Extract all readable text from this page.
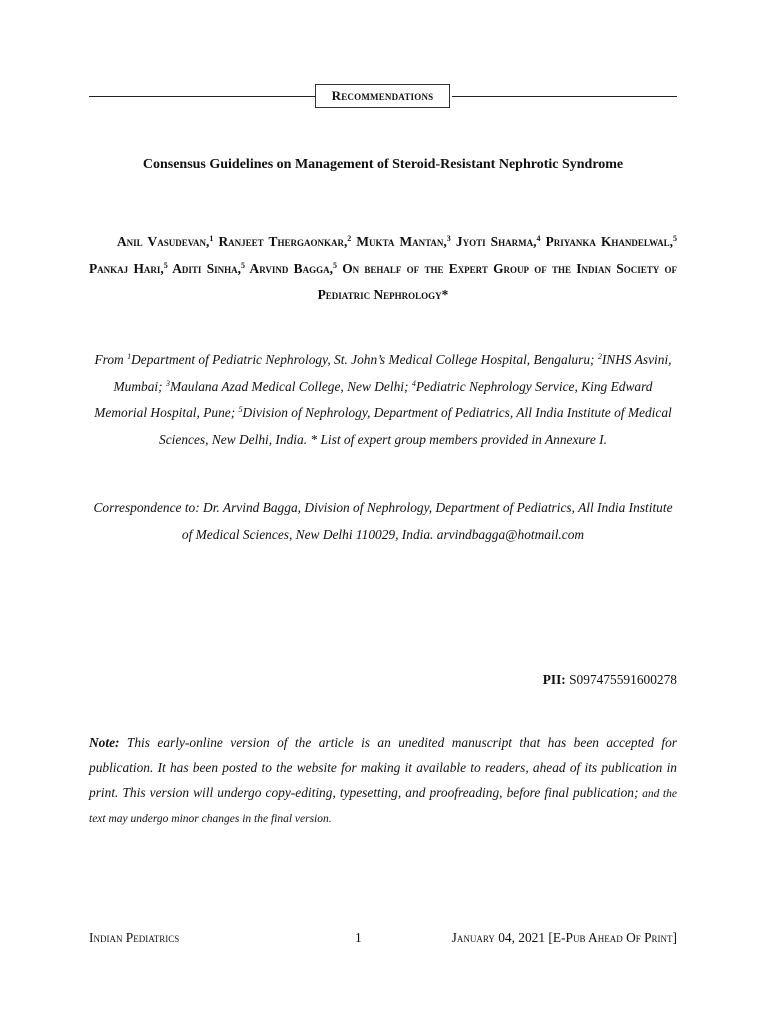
Recommendations
Consensus Guidelines on Management of Steroid-Resistant Nephrotic Syndrome
Anil Vasudevan,$^1$ Ranjeet Thergaonkar,$^2$ Mukta Mantan,$^3$ Jyoti Sharma,$^4$ Priyanka Khandelwal,$^5$ Pankaj Hari,$^5$ Aditi Sinha,$^5$ Arvind Bagga,$^5$ On behalf of the Expert Group of the Indian Society of Pediatric Nephrology*
From $^1$Department of Pediatric Nephrology, St. John’s Medical College Hospital, Bengaluru; $^2$INHS Asvini, Mumbai; $^3$Maulana Azad Medical College, New Delhi; $^4$Pediatric Nephrology Service, King Edward Memorial Hospital, Pune; $^5$Division of Nephrology, Department of Pediatrics, All India Institute of Medical Sciences, New Delhi, India. * List of expert group members provided in Annexure I.
Correspondence to: Dr. Arvind Bagga, Division of Nephrology, Department of Pediatrics, All India Institute of Medical Sciences, New Delhi 110029, India. arvindbagga@hotmail.com
PII: S097475591600278
Note: This early-online version of the article is an unedited manuscript that has been accepted for publication. It has been posted to the website for making it available to readers, ahead of its publication in print. This version will undergo copy-editing, typesetting, and proofreading, before final publication; and the text may undergo minor changes in the final version.
Indian Pediatrics	1	January 04, 2021 [E-Pub Ahead Of Print]
